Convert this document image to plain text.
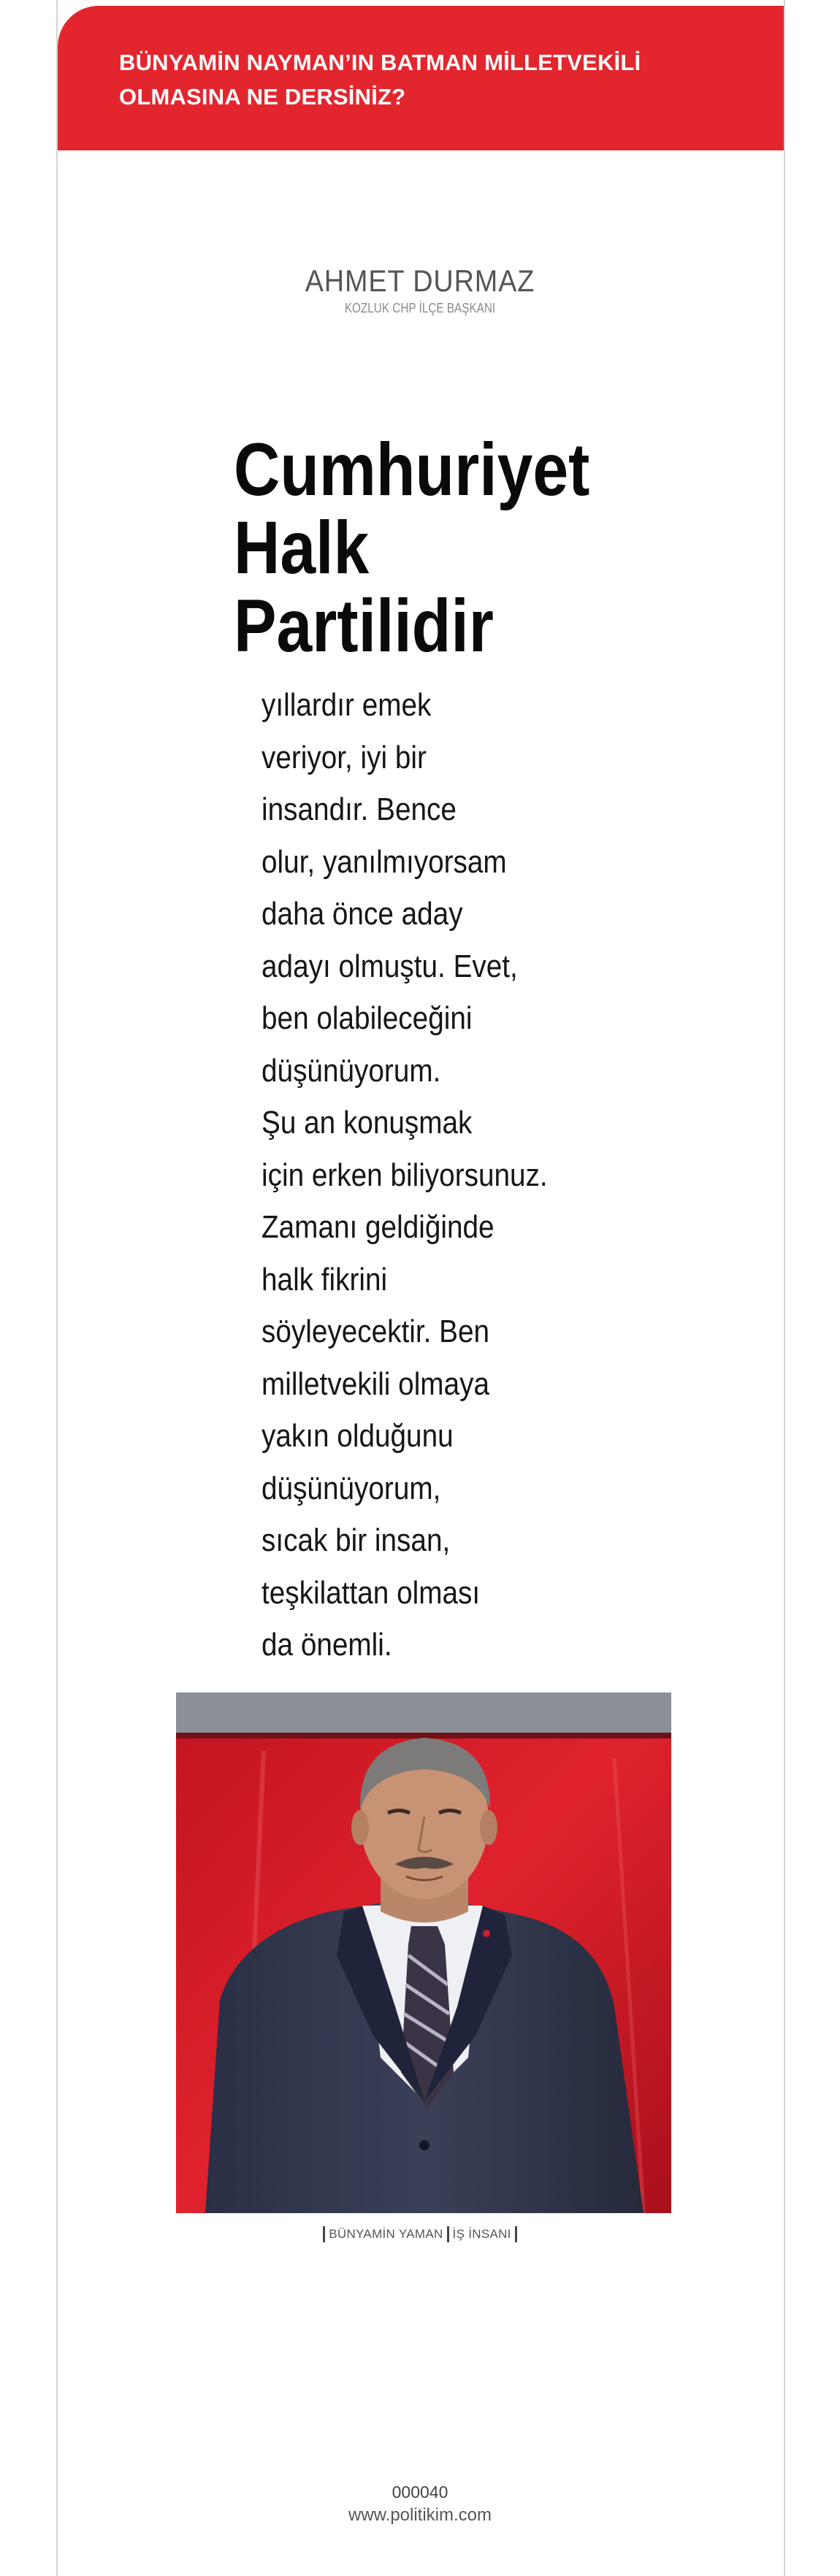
BÜNYAMİN NAYMAN’IN BATMAN MİLLETVEKİLİ

OLMASINA NE DERSİNİZ?

AHMET DURMAZ
KOZLUK CHP İLÇE BAŞKANI
Cumhuriyet
Halk
Partilidir
yıllardır emek
veriyor, iyi bir
insandır. Bence
olur, yanılmıyorsam
daha önce aday
adayı olmuştu. Evet,
ben olabileceğini
düşünüyorum.
Şu an konuşmak
için erken biliyorsunuz.
Zamanı geldiğinde
halk fikrini
söyleyecektir. Ben
milletvekili olmaya
yakın olduğunu
düşünüyorum,
sıcak bir insan,
teşkilattan olması
da önemli.
BÜNYAMİN YAMAN İŞ İNSANI
000040
www.politikim.com
